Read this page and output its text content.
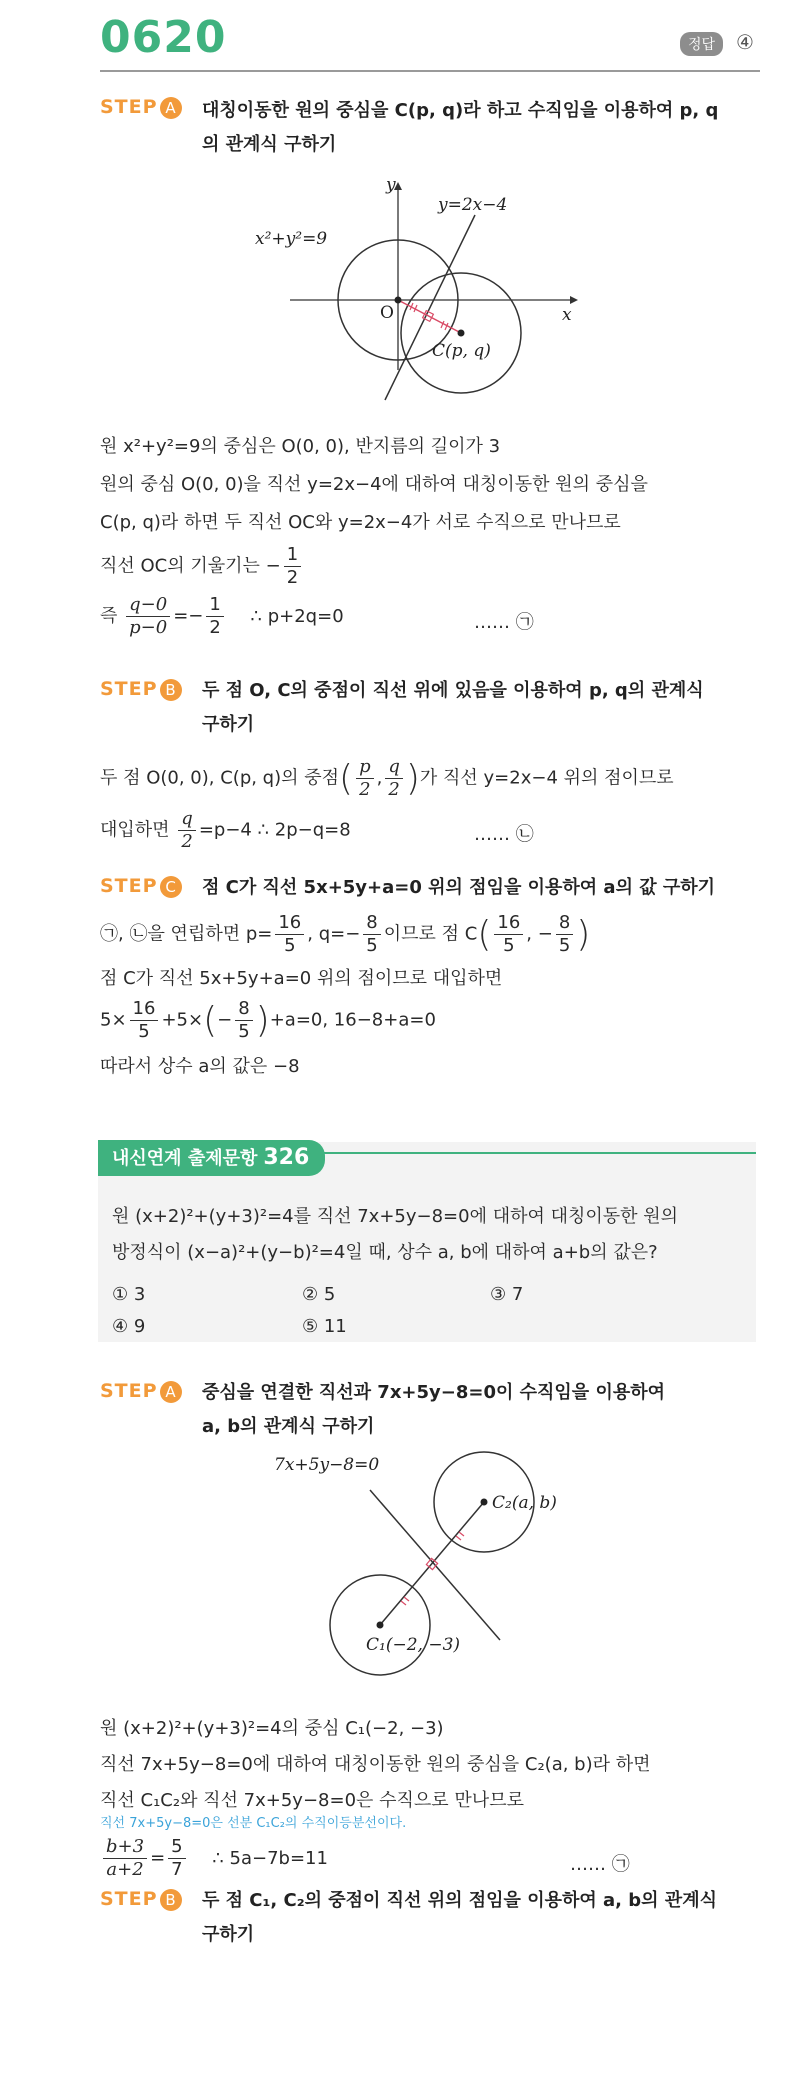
0620	정답	④
STEP A	대칭이동한 원의 중심을 C(p, q)라 하고 수직임을 이용하여 p, q
의 관계식 구하기
O
y
x
y=2x−4
x²+y²=9
C(p, q)
원 x²+y²=9의 중심은 O(0, 0), 반지름의 길이가 3
원의 중심 O(0, 0)을 직선 y=2x−4에 대하여 대칭이동한 원의 중심을
C(p, q)라 하면 두 직선 OC와 y=2x−4가 서로 수직으로 만나므로
직선 OC의 기울기는 − $\frac{1}{2}$
즉 $\frac{q-0}{p-0} =- \frac{1}{2}$ ∴ p+2q=0	…… ㉠
STEP B	두 점 O, C의 중점이 직선 위에 있음을 이용하여 p, q의 관계식
구하기
두 점 O(0, 0), C(p, q)의 중점( $\frac{p}{2}$ , $\frac{q}{2}$ )가 직선 y=2x−4 위의 점이므로
대입하면 $\frac{q}{2} =p-4$ ∴ 2p−q=8	…… ㉡
STEP C	점 C가 직선 5x+5y+a=0 위의 점임을 이용하여 a의 값 구하기
㉠, ㉡을 연립하면 $p= \frac{16}{5}$ , $q=- \frac{8}{5}$ 이므로 점 $C( \frac{16}{5}$ , − $\frac{8}{5}$ )
점 C가 직선 5x+5y+a=0 위의 점이므로 대입하면
$5\times \frac{16}{5} +5\times(- \frac{8}{5} )+a=0$, 16−8+a=0
따라서 상수 a의 값은 −8
내신연계 출제문항 326
원 (x+2)²+(y+3)²=4를 직선 7x+5y−8=0에 대하여 대칭이동한 원의
방정식이 (x−a)²+(y−b)²=4일 때, 상수 a, b에 대하여 a+b의 값은?
① 3	② 5	③ 7
④ 9	⑤ 11
STEP A	중심을 연결한 직선과 7x+5y−8=0이 수직임을 이용하여
a, b의 관계식 구하기
7x+5y−8=0
C₂(a, b)
C₁(−2, −3)
원 (x+2)²+(y+3)²=4의 중심 C₁(−2, −3)
직선 7x+5y−8=0에 대하여 대칭이동한 원의 중심을 C₂(a, b)라 하면
직선 C₁C₂와 직선 7x+5y−8=0은 수직으로 만나므로
직선 7x+5y−8=0은 선분 C₁C₂의 수직이등분선이다.
$\frac{b+3}{a+2} = \frac{5}{7}$ ∴ 5a−7b=11	…… ㉠
STEP B	두 점 C₁, C₂의 중점이 직선 위의 점임을 이용하여 a, b의 관계식
구하기
